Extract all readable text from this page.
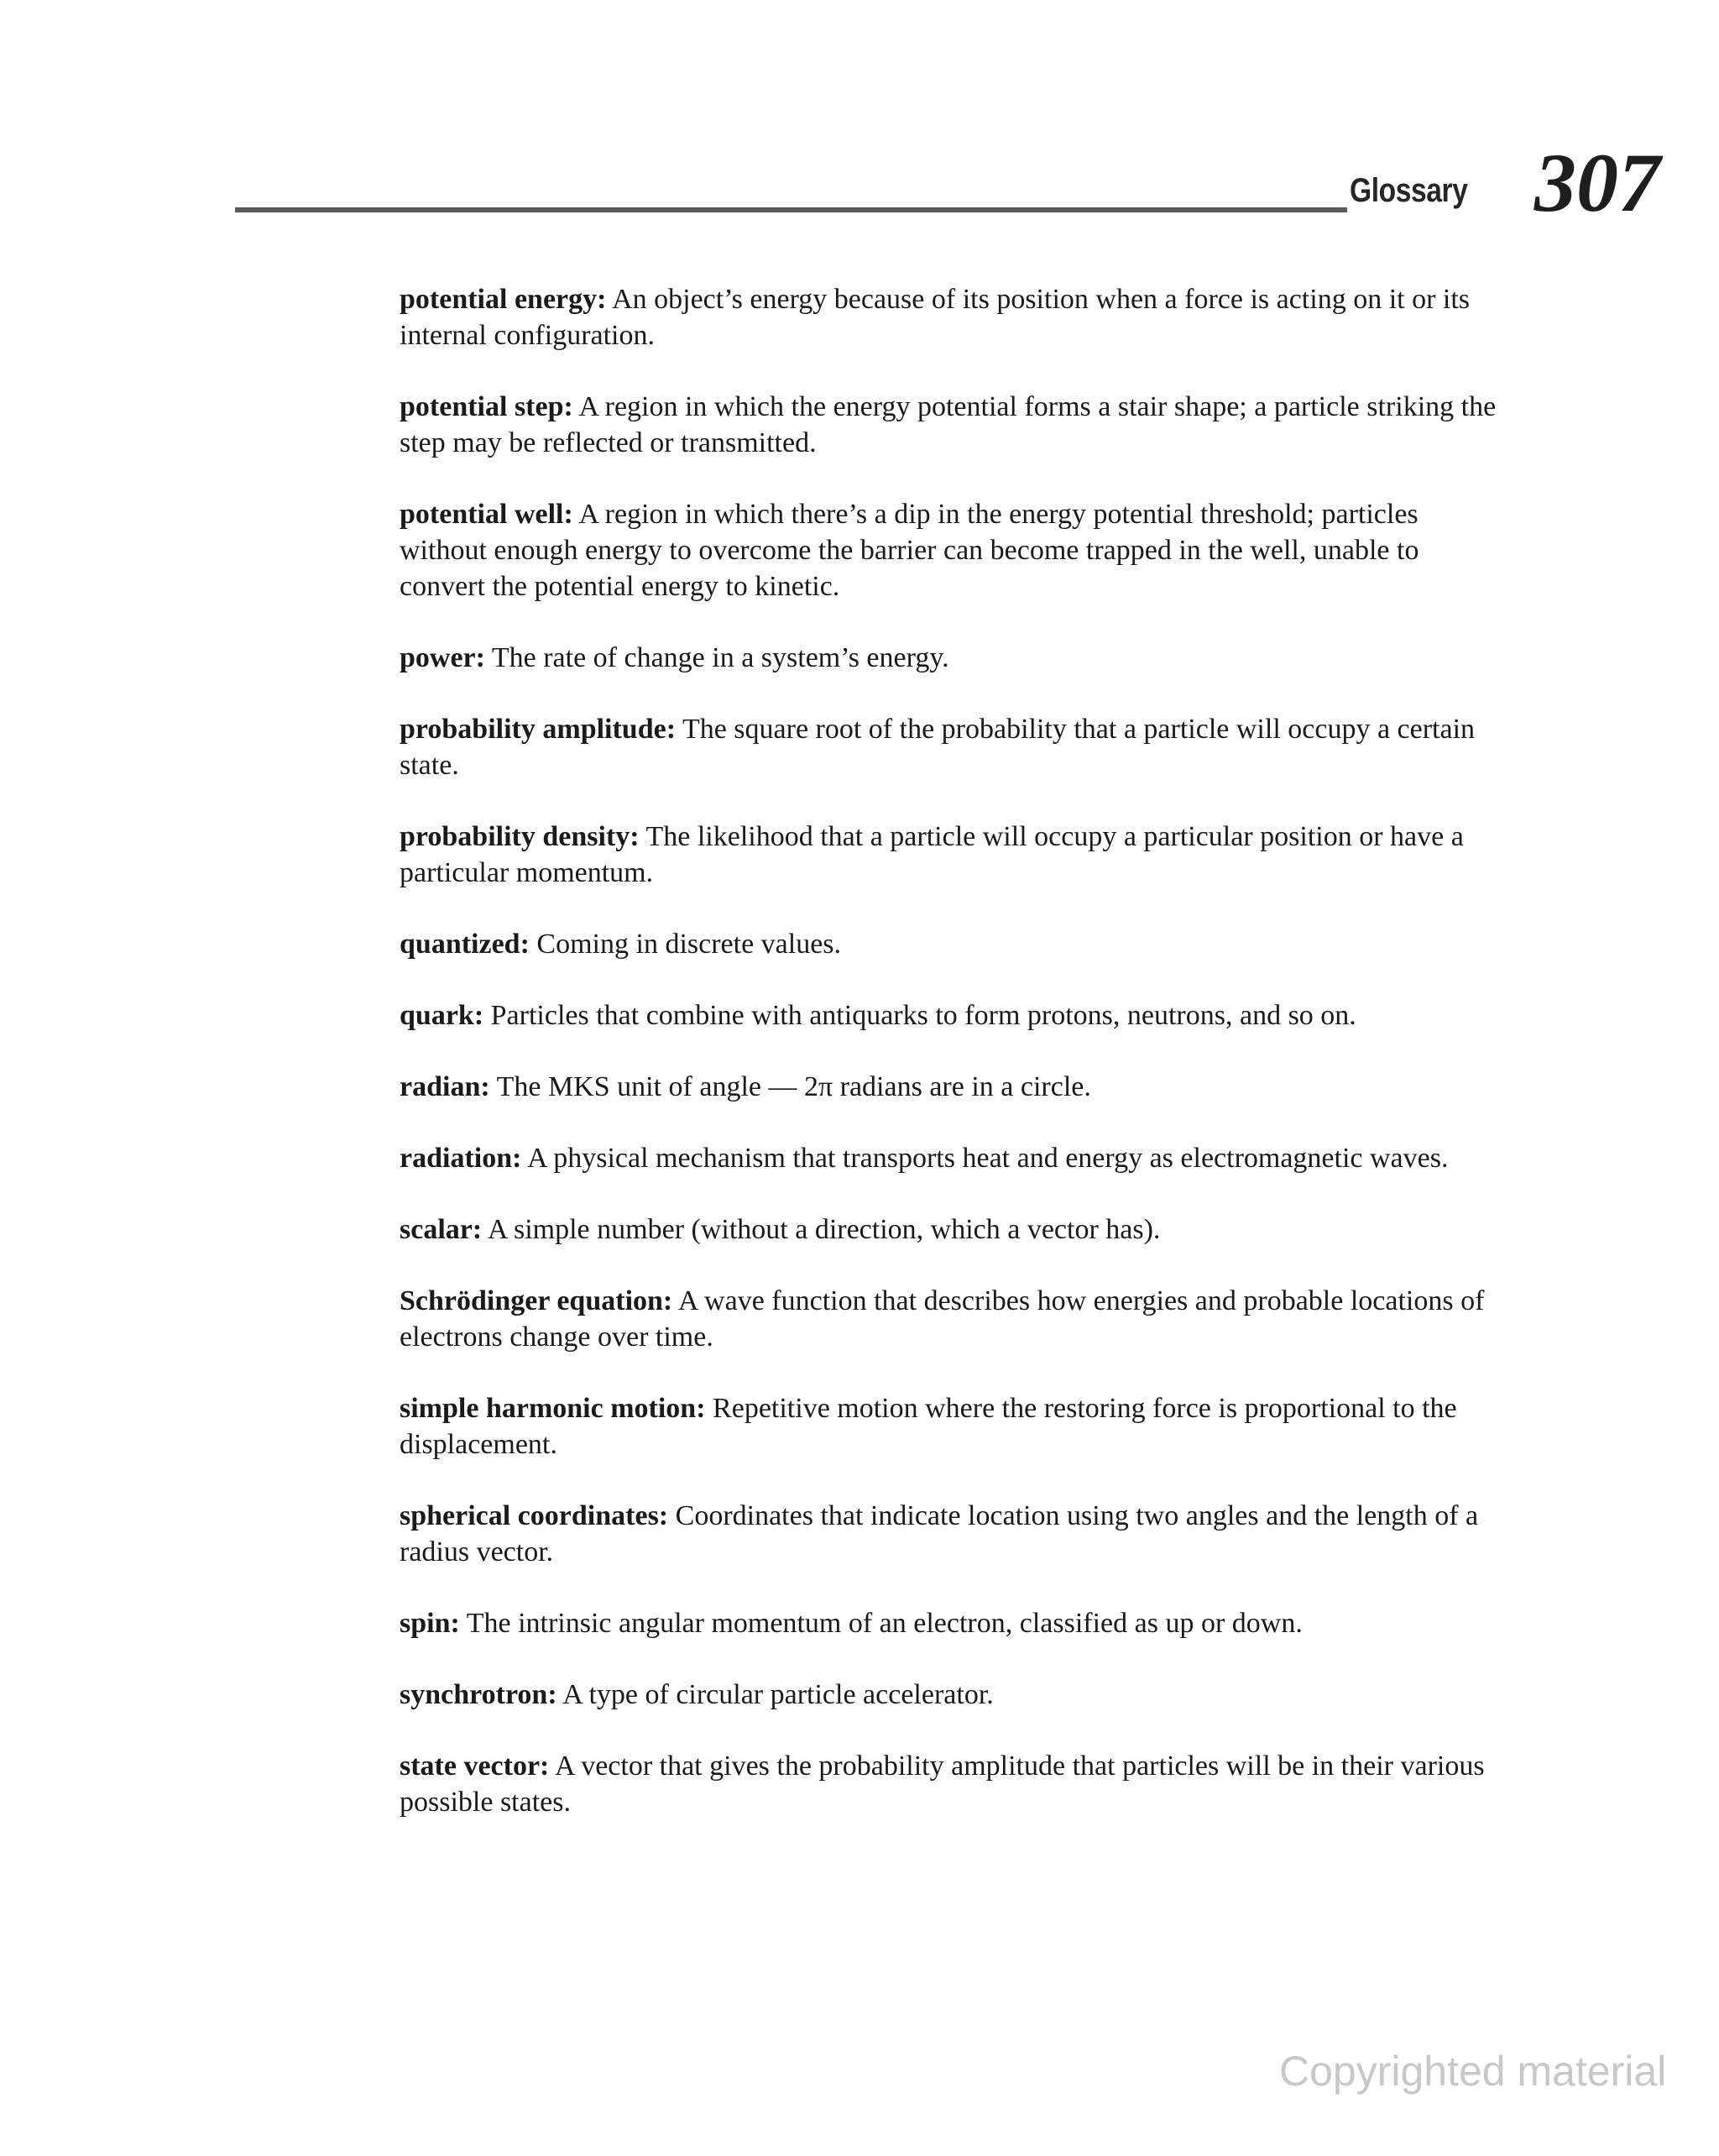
Glossary 307
potential energy: An object’s energy because of its position when a force is acting on it or its internal configuration.
potential step: A region in which the energy potential forms a stair shape; a particle striking the step may be reflected or transmitted.
potential well: A region in which there’s a dip in the energy potential threshold; particles without enough energy to overcome the barrier can become trapped in the well, unable to convert the potential energy to kinetic.
power: The rate of change in a system’s energy.
probability amplitude: The square root of the probability that a particle will occupy a certain state.
probability density: The likelihood that a particle will occupy a particular position or have a particular momentum.
quantized: Coming in discrete values.
quark: Particles that combine with antiquarks to form protons, neutrons, and so on.
radian: The MKS unit of angle — 2π radians are in a circle.
radiation: A physical mechanism that transports heat and energy as electromagnetic waves.
scalar: A simple number (without a direction, which a vector has).
Schrödinger equation: A wave function that describes how energies and probable locations of electrons change over time.
simple harmonic motion: Repetitive motion where the restoring force is proportional to the displacement.
spherical coordinates: Coordinates that indicate location using two angles and the length of a radius vector.
spin: The intrinsic angular momentum of an electron, classified as up or down.
synchrotron: A type of circular particle accelerator.
state vector: A vector that gives the probability amplitude that particles will be in their various possible states.
Copyrighted material
